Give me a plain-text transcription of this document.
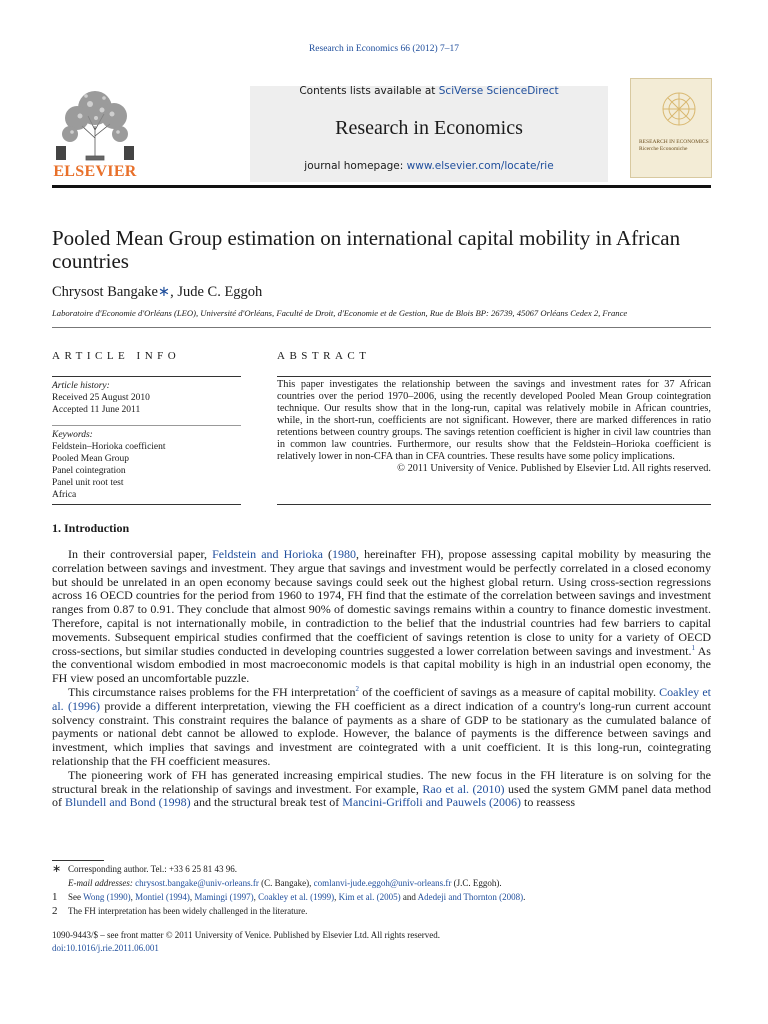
Research in Economics 66 (2012) 7–17
ELSEVIER
Contents lists available at SciVerse ScienceDirect
Research in Economics
journal homepage: www.elsevier.com/locate/rie
RESEARCH IN ECONOMICS Ricerche Economiche
Pooled Mean Group estimation on international capital mobility in African countries
Chrysost Bangake∗, Jude C. Eggoh
Laboratoire d'Economie d'Orléans (LEO), Université d'Orléans, Faculté de Droit, d'Economie et de Gestion, Rue de Blois BP: 26739, 45067 Orléans Cedex 2, France
ARTICLE INFO	ABSTRACT
Article history:
Received 25 August 2010
Accepted 11 June 2011
Keywords:
Feldstein–Horioka coefficient
Pooled Mean Group
Panel cointegration
Panel unit root test
Africa
This paper investigates the relationship between the savings and investment rates for 37 African countries over the period 1970–2006, using the recently developed Pooled Mean Group cointegration technique. Our results show that in the long-run, capital was relatively mobile in African countries, while, in the short-run, coefficients are not significant. However, there are marked differences in ratio retentions between country groups. The savings retention coefficient is higher in civil law countries than in common law countries. Furthermore, our results show that the Feldstein–Horioka coefficient is relatively lower in non-CFA than in CFA countries. These results have some policy implications.
© 2011 University of Venice. Published by Elsevier Ltd. All rights reserved.
1. Introduction

In their controversial paper, Feldstein and Horioka (1980, hereinafter FH), propose assessing capital mobility by measuring the correlation between savings and investment. They argue that savings and investment would be perfectly correlated in a closed economy but should be unrelated in an open economy because savings could seek out the highest global return. Using cross-section regressions across 16 OECD countries for the period from 1960 to 1974, FH find that the estimate of the correlation between savings and investment ranges from 0.87 to 0.91. They conclude that almost 90% of domestic savings remains within a country to finance domestic investment. Therefore, capital is not internationally mobile, in contradiction to the belief that the industrial countries had few barriers to capital movements. Subsequent empirical studies confirmed that the coefficient of savings retention is close to unity for a variety of OECD cross-sections, but similar studies conducted in developing countries suggested a lower correlation between savings and investment.$^1$ As the conventional wisdom embodied in most macroeconomic models is that capital mobility is high in an industrial open economy, the FH view posed an uncomfortable puzzle.

This circumstance raises problems for the FH interpretation$^2$ of the coefficient of savings as a measure of capital mobility. Coakley et al. (1996) provide a different interpretation, viewing the FH coefficient as a direct indication of a country's long-run current account solvency constraint. This constraint requires the balance of payments as a share of GDP to be stationary as the cumulated balance of payments or national debt cannot be allowed to explode. However, the balance of payments is the difference between savings and investment, which implies that savings and investment are cointegrated with a unit coefficient. It is this long-run, cointegrating relationship that the FH coefficient measures.

The pioneering work of FH has generated increasing empirical studies. The new focus in the FH literature is on solving for the structural break in the relationship of savings and investment. For example, Rao et al. (2010) used the system GMM panel data method of Blundell and Bond (1998) and the structural break test of Mancini-Griffoli and Pauwels (2006) to reassess

∗ Corresponding author. Tel.: +33 6 25 81 43 96.
E-mail addresses: chrysost.bangake@univ-orleans.fr (C. Bangake), comlanvi-jude.eggoh@univ-orleans.fr (J.C. Eggoh).
1 See Wong (1990), Montiel (1994), Mamingi (1997), Coakley et al. (1999), Kim et al. (2005) and Adedeji and Thornton (2008).
2 The FH interpretation has been widely challenged in the literature.
1090-9443/$ – see front matter © 2011 University of Venice. Published by Elsevier Ltd. All rights reserved.
doi:10.1016/j.rie.2011.06.001
